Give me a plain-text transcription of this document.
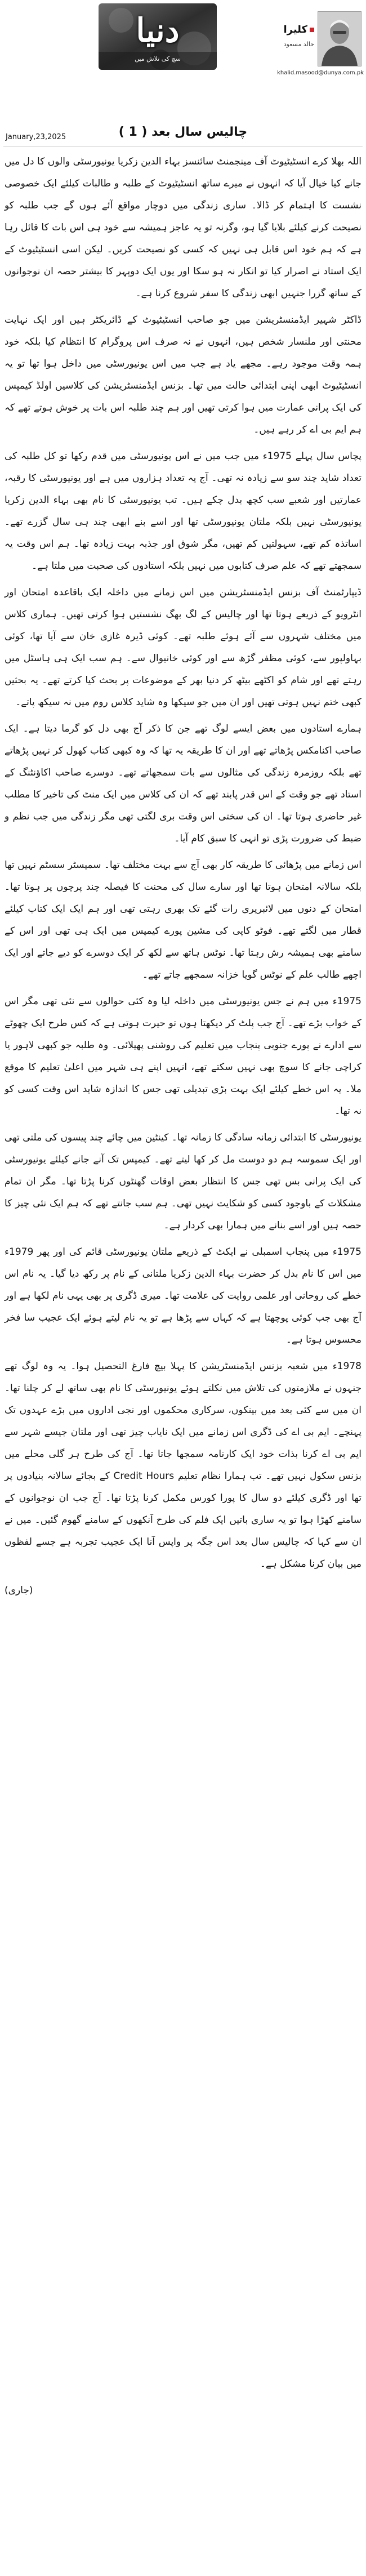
دنیا
سچ کی تلاش میں
کلیرا
خالد مسعود
khalid.masood@dunya.com.pk
January,23,2025	چالیس سال بعد ( 1 )

اللہ بھلا کرے انسٹیٹیوٹ آف مینجمنٹ سائنسز بہاء الدین زکریا یونیورسٹی والوں کا دل میں جانے کیا خیال آیا کہ انہوں نے میرے ساتھ انسٹیٹیوٹ کے طلبہ و طالبات کیلئے ایک خصوصی نشست کا اہتمام کر ڈالا۔ ساری زندگی میں دوچار مواقع آئے ہوں گے جب طلبہ کو نصیحت کرنے کیلئے بلایا گیا ہو، وگرنہ تو یہ عاجز ہمیشہ سے خود ہی اس بات کا قائل رہا ہے کہ ہم خود اس قابل ہی نہیں کہ کسی کو نصیحت کریں۔ لیکن اسی انسٹیٹیوٹ کے ایک استاد نے اصرار کیا تو انکار نہ ہو سکا اور یوں ایک دوپہر کا بیشتر حصہ ان نوجوانوں کے ساتھ گزرا جنہیں ابھی زندگی کا سفر شروع کرنا ہے۔

ڈاکٹر شہیر ایڈمنسٹریشن میں جو صاحب انسٹیٹیوٹ کے ڈائریکٹر ہیں اور ایک نہایت محنتی اور ملنسار شخص ہیں، انہوں نے نہ صرف اس پروگرام کا انتظام کیا بلکہ خود ہمہ وقت موجود رہے۔ مجھے یاد ہے جب میں اس یونیورسٹی میں داخل ہوا تھا تو یہ انسٹیٹیوٹ ابھی اپنی ابتدائی حالت میں تھا۔ بزنس ایڈمنسٹریشن کی کلاسیں اولڈ کیمپس کی ایک پرانی عمارت میں ہوا کرتی تھیں اور ہم چند طلبہ اس بات پر خوش ہوتے تھے کہ ہم ایم بی اے کر رہے ہیں۔

پچاس سال پہلے 1975ء میں جب میں نے اس یونیورسٹی میں قدم رکھا تو کل طلبہ کی تعداد شاید چند سو سے زیادہ نہ تھی۔ آج یہ تعداد ہزاروں میں ہے اور یونیورسٹی کا رقبہ، عمارتیں اور شعبے سب کچھ بدل چکے ہیں۔ تب یونیورسٹی کا نام بھی بہاء الدین زکریا یونیورسٹی نہیں بلکہ ملتان یونیورسٹی تھا اور اسے بنے ابھی چند ہی سال گزرے تھے۔ اساتذہ کم تھے، سہولتیں کم تھیں، مگر شوق اور جذبہ بہت زیادہ تھا۔ ہم اس وقت یہ سمجھتے تھے کہ علم صرف کتابوں میں نہیں بلکہ استادوں کی صحبت میں ملتا ہے۔

ڈیپارٹمنٹ آف بزنس ایڈمنسٹریشن میں اس زمانے میں داخلہ ایک باقاعدہ امتحان اور انٹرویو کے ذریعے ہوتا تھا اور چالیس کے لگ بھگ نشستیں ہوا کرتی تھیں۔ ہماری کلاس میں مختلف شہروں سے آئے ہوئے طلبہ تھے۔ کوئی ڈیرہ غازی خان سے آیا تھا، کوئی بہاولپور سے، کوئی مظفر گڑھ سے اور کوئی خانیوال سے۔ ہم سب ایک ہی ہاسٹل میں رہتے تھے اور شام کو اکٹھے بیٹھ کر دنیا بھر کے موضوعات پر بحث کیا کرتے تھے۔ یہ بحثیں کبھی ختم نہیں ہوتی تھیں اور ان میں جو سیکھا وہ شاید کلاس روم میں نہ سیکھ پاتے۔

ہمارے استادوں میں بعض ایسے لوگ تھے جن کا ذکر آج بھی دل کو گرما دیتا ہے۔ ایک صاحب اکنامکس پڑھاتے تھے اور ان کا طریقہ یہ تھا کہ وہ کبھی کتاب کھول کر نہیں پڑھاتے تھے بلکہ روزمرہ زندگی کی مثالوں سے بات سمجھاتے تھے۔ دوسرے صاحب اکاؤنٹنگ کے استاد تھے جو وقت کے اس قدر پابند تھے کہ ان کی کلاس میں ایک منٹ کی تاخیر کا مطلب غیر حاضری ہوتا تھا۔ ان کی سختی اس وقت بری لگتی تھی مگر زندگی میں جب نظم و ضبط کی ضرورت پڑی تو انہی کا سبق کام آیا۔

اس زمانے میں پڑھائی کا طریقہ کار بھی آج سے بہت مختلف تھا۔ سمیسٹر سسٹم نہیں تھا بلکہ سالانہ امتحان ہوتا تھا اور سارے سال کی محنت کا فیصلہ چند پرچوں پر ہوتا تھا۔ امتحان کے دنوں میں لائبریری رات گئے تک بھری رہتی تھی اور ہم ایک ایک کتاب کیلئے قطار میں لگتے تھے۔ فوٹو کاپی کی مشین پورے کیمپس میں ایک ہی تھی اور اس کے سامنے بھی ہمیشہ رش رہتا تھا۔ نوٹس ہاتھ سے لکھ کر ایک دوسرے کو دیے جاتے اور ایک اچھے طالب علم کے نوٹس گویا خزانہ سمجھے جاتے تھے۔

1975ء میں ہم نے جس یونیورسٹی میں داخلہ لیا وہ کئی حوالوں سے نئی تھی مگر اس کے خواب بڑے تھے۔ آج جب پلٹ کر دیکھتا ہوں تو حیرت ہوتی ہے کہ کس طرح ایک چھوٹے سے ادارے نے پورے جنوبی پنجاب میں تعلیم کی روشنی پھیلائی۔ وہ طلبہ جو کبھی لاہور یا کراچی جانے کا سوچ بھی نہیں سکتے تھے، انہیں اپنے ہی شہر میں اعلیٰ تعلیم کا موقع ملا۔ یہ اس خطے کیلئے ایک بہت بڑی تبدیلی تھی جس کا اندازہ شاید اس وقت کسی کو نہ تھا۔

یونیورسٹی کا ابتدائی زمانہ سادگی کا زمانہ تھا۔ کینٹین میں چائے چند پیسوں کی ملتی تھی اور ایک سموسہ ہم دو دوست مل کر کھا لیتے تھے۔ کیمپس تک آنے جانے کیلئے یونیورسٹی کی ایک پرانی بس تھی جس کا انتظار بعض اوقات گھنٹوں کرنا پڑتا تھا۔ مگر ان تمام مشکلات کے باوجود کسی کو شکایت نہیں تھی۔ ہم سب جانتے تھے کہ ہم ایک نئی چیز کا حصہ ہیں اور اسے بنانے میں ہمارا بھی کردار ہے۔

1975ء میں پنجاب اسمبلی نے ایکٹ کے ذریعے ملتان یونیورسٹی قائم کی اور پھر 1979ء میں اس کا نام بدل کر حضرت بہاء الدین زکریا ملتانی کے نام پر رکھ دیا گیا۔ یہ نام اس خطے کی روحانی اور علمی روایت کی علامت تھا۔ میری ڈگری پر بھی یہی نام لکھا ہے اور آج بھی جب کوئی پوچھتا ہے کہ کہاں سے پڑھا ہے تو یہ نام لیتے ہوئے ایک عجیب سا فخر محسوس ہوتا ہے۔

1978ء میں شعبہ بزنس ایڈمنسٹریشن کا پہلا بیچ فارغ التحصیل ہوا۔ یہ وہ لوگ تھے جنہوں نے ملازمتوں کی تلاش میں نکلتے ہوئے یونیورسٹی کا نام بھی ساتھ لے کر چلنا تھا۔ ان میں سے کئی بعد میں بینکوں، سرکاری محکموں اور نجی اداروں میں بڑے عہدوں تک پہنچے۔ ایم بی اے کی ڈگری اس زمانے میں ایک نایاب چیز تھی اور ملتان جیسے شہر سے ایم بی اے کرنا بذات خود ایک کارنامہ سمجھا جاتا تھا۔ آج کی طرح ہر گلی محلے میں بزنس سکول نہیں تھے۔ تب ہمارا نظام تعلیم Credit Hours کے بجائے سالانہ بنیادوں پر تھا اور ڈگری کیلئے دو سال کا پورا کورس مکمل کرنا پڑتا تھا۔ آج جب ان نوجوانوں کے سامنے کھڑا ہوا تو یہ ساری باتیں ایک فلم کی طرح آنکھوں کے سامنے گھوم گئیں۔ میں نے ان سے کہا کہ چالیس سال بعد اس جگہ پر واپس آنا ایک عجیب تجربہ ہے جسے لفظوں میں بیان کرنا مشکل ہے۔

(جاری)
